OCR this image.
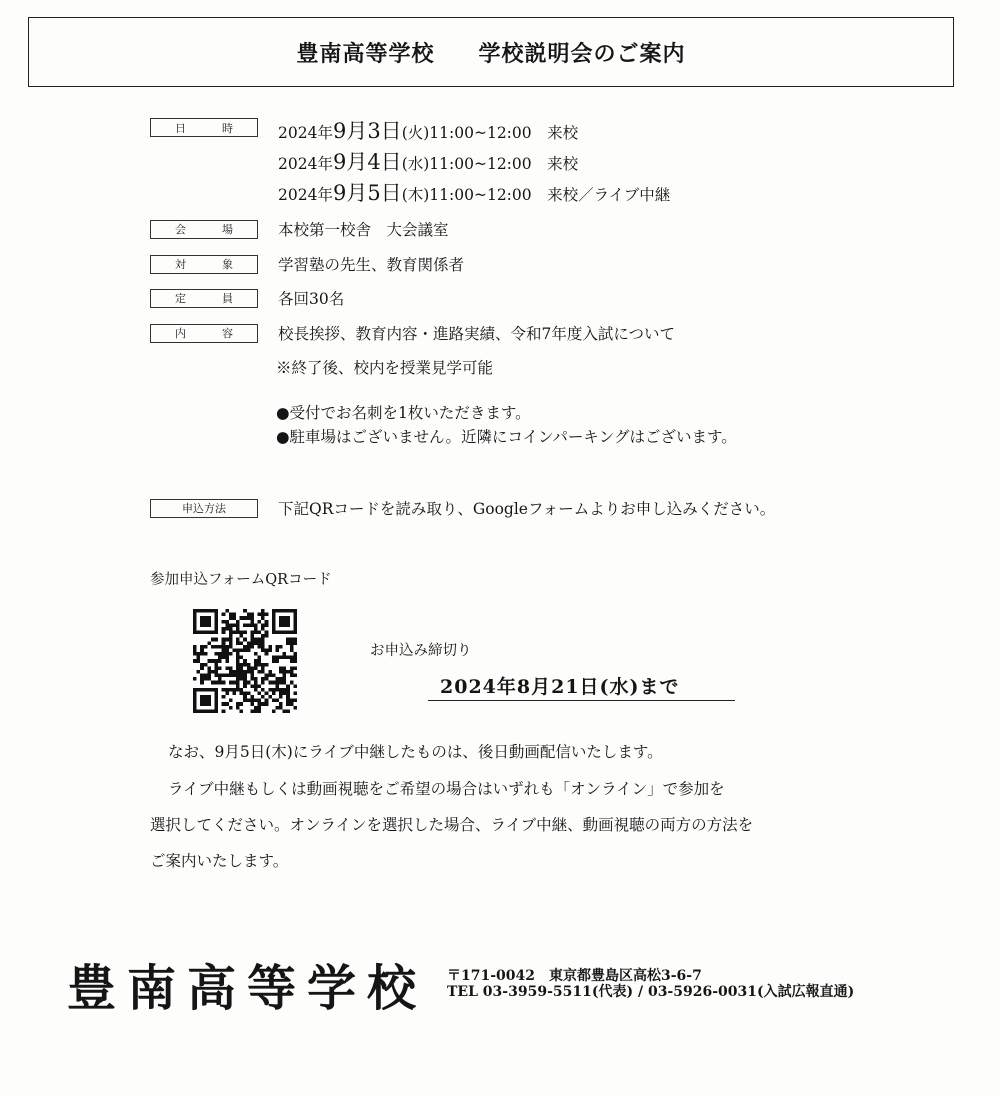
豊南高等学校 学校説明会のご案内
日	時	2024年9月3日(火)11:00~12:00　 来校
2024年9月4日(水)11:00~12:00　 来校
2024年9月5日(木)11:00~12:00　 来校／ライブ中継
会	場	本校第一校舎　大会議室
対	象	学習塾の先生、教育関係者
定	員	各回30名
内	容	校長挨拶、教育内容・進路実績、令和7年度入試について
※終了後、校内を授業見学可能
●受付でお名刺を1枚いただきます。
●駐車場はございません。近隣にコインパーキングはございます。
申込方法	下記QRコードを読み取り、Googleフォームよりお申し込みください。
参加申込フォームQRコード
お申込み締切り
2024年8月21日(水)まで
なお、9月5日(木)にライブ中継したものは、後日動画配信いたします。
ライブ中継もしくは動画視聴をご希望の場合はいずれも「オンライン」で参加を
選択してください。オンラインを選択した場合、ライブ中継、動画視聴の両方の方法を
ご案内いたします。
豊南高等学校 〒171-0042　東京都豊島区高松3-6-7
TEL 03-3959-5511(代表) / 03-5926-0031(入試広報直通)
